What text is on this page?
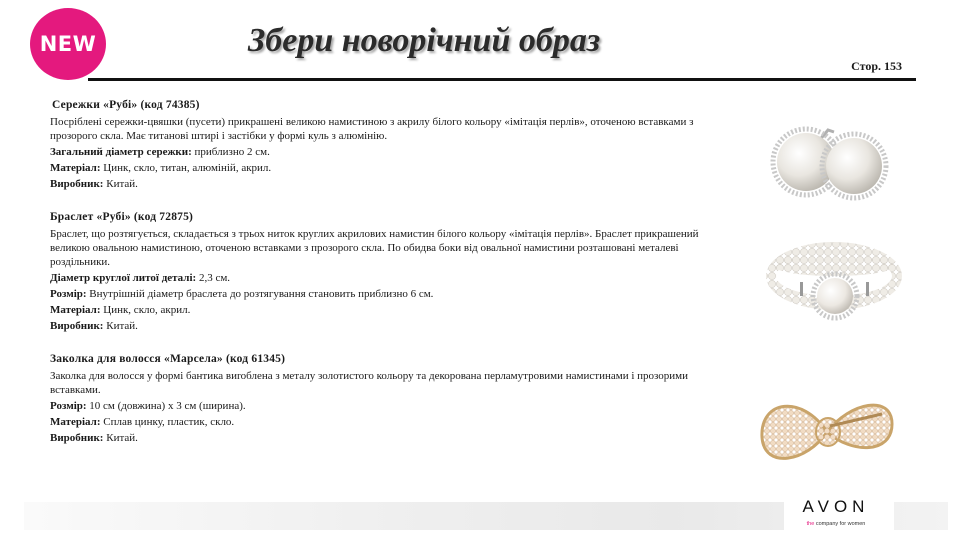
NEW	Збери новорічний образ
Стор. 153
Сережки «Рубі» (код 74385)

Посріблені сережки-цвяшки (пусети) прикрашені великою намистиною з акрилу білого кольору «імітація перлів», оточеною вставками з прозорого скла. Має титанові штирі і застібки у формі куль з алюмінію.

Загальний діаметр сережки: приблизно 2 см.
Матеріал: Цинк, скло, титан, алюміній, акрил.
Виробник: Китай.
Браслет «Рубі» (код 72875)

Браслет, що розтягується, складається з трьох ниток круглих акрилових намистин білого кольору «імітація перлів». Браслет прикрашений великою овальною намистиною, оточеною вставками з прозорого скла. По обидва боки від овальної намистини розташовані металеві роздільники.

Діаметр круглої литої деталі: 2,3 см.
Розмір: Внутрішній діаметр браслета до розтягування становить приблизно 6 см.
Матеріал: Цинк, скло, акрил.
Виробник: Китай.
Заколка для волосся «Марсела» (код 61345)

Заколка для волосся у формі бантика виroблена з металу золотистого кольору та декорована перламутровими намистинами і прозорими вставками.

Розмір: 10 см (довжина) х 3 см (ширина).
Матеріал: Сплав цинку, пластик, скло.
Виробник: Китай.
AVON
the company for women
